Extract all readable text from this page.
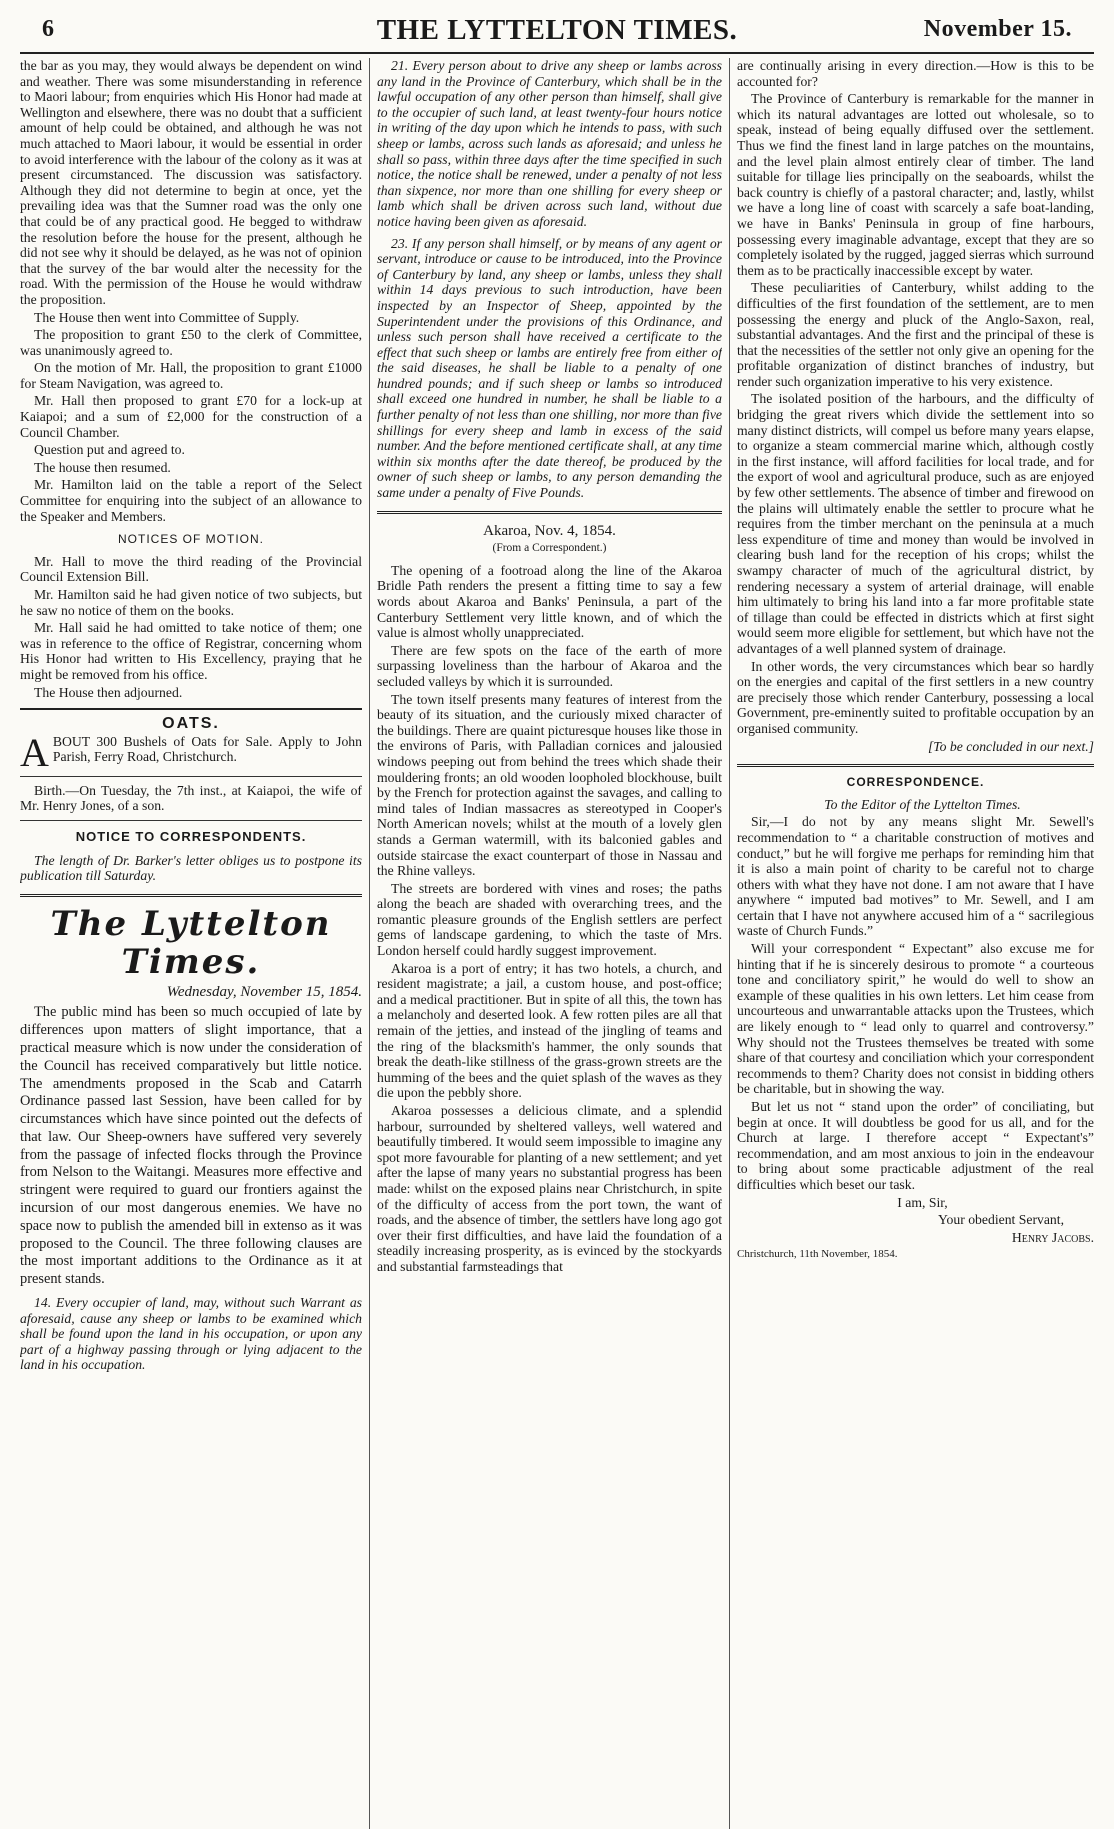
6	THE LYTTELTON TIMES.	November 15.

the bar as you may, they would always be dependent on wind and weather. There was some misunderstanding in reference to Maori labour; from enquiries which His Honor had made at Wellington and elsewhere, there was no doubt that a sufficient amount of help could be obtained, and although he was not much attached to Maori labour, it would be essential in order to avoid interference with the labour of the colony as it was at present circumstanced. The discussion was satisfactory. Although they did not determine to begin at once, yet the prevailing idea was that the Sumner road was the only one that could be of any practical good. He begged to withdraw the resolution before the house for the present, although he did not see why it should be delayed, as he was not of opinion that the survey of the bar would alter the necessity for the road. With the permission of the House he would withdraw the proposition.

The House then went into Committee of Supply.

The proposition to grant £50 to the clerk of Committee, was unanimously agreed to.

On the motion of Mr. Hall, the proposition to grant £1000 for Steam Navigation, was agreed to.

Mr. Hall then proposed to grant £70 for a lock-up at Kaiapoi; and a sum of £2,000 for the construction of a Council Chamber.

Question put and agreed to.

The house then resumed.

Mr. Hamilton laid on the table a report of the Select Committee for enquiring into the subject of an allowance to the Speaker and Members.

NOTICES OF MOTION.

Mr. Hall to move the third reading of the Provincial Council Extension Bill.

Mr. Hamilton said he had given notice of two subjects, but he saw no notice of them on the books.

Mr. Hall said he had omitted to take notice of them; one was in reference to the office of Registrar, concerning whom His Honor had written to His Excellency, praying that he might be removed from his office.

The House then adjourned.

OATS.
A BOUT 300 Bushels of Oats for Sale. Apply to John Parish, Ferry Road, Christchurch.

Birth.—On Tuesday, the 7th inst., at Kaiapoi, the wife of Mr. Henry Jones, of a son.

NOTICE TO CORRESPONDENTS.

The length of Dr. Barker's letter obliges us to postpone its publication till Saturday.

The Lyttelton Times.
Wednesday, November 15, 1854.

The public mind has been so much occupied of late by differences upon matters of slight importance, that a practical measure which is now under the consideration of the Council has received comparatively but little notice. The amendments proposed in the Scab and Catarrh Ordinance passed last Session, have been called for by circumstances which have since pointed out the defects of that law. Our Sheep-owners have suffered very severely from the passage of infected flocks through the Province from Nelson to the Waitangi. Measures more effective and stringent were required to guard our frontiers against the incursion of our most dangerous enemies. We have no space now to publish the amended bill in extenso as it was proposed to the Council. The three following clauses are the most important additions to the Ordinance as it at present stands.

14. Every occupier of land, may, without such Warrant as aforesaid, cause any sheep or lambs to be examined which shall be found upon the land in his occupation, or upon any part of a highway passing through or lying adjacent to the land in his occupation.

21. Every person about to drive any sheep or lambs across any land in the Province of Canterbury, which shall be in the lawful occupation of any other person than himself, shall give to the occupier of such land, at least twenty-four hours notice in writing of the day upon which he intends to pass, with such sheep or lambs, across such lands as aforesaid; and unless he shall so pass, within three days after the time specified in such notice, the notice shall be renewed, under a penalty of not less than sixpence, nor more than one shilling for every sheep or lamb which shall be driven across such land, without due notice having been given as aforesaid.

23. If any person shall himself, or by means of any agent or servant, introduce or cause to be introduced, into the Province of Canterbury by land, any sheep or lambs, unless they shall within 14 days previous to such introduction, have been inspected by an Inspector of Sheep, appointed by the Superintendent under the provisions of this Ordinance, and unless such person shall have received a certificate to the effect that such sheep or lambs are entirely free from either of the said diseases, he shall be liable to a penalty of one hundred pounds; and if such sheep or lambs so introduced shall exceed one hundred in number, he shall be liable to a further penalty of not less than one shilling, nor more than five shillings for every sheep and lamb in excess of the said number. And the before mentioned certificate shall, at any time within six months after the date thereof, be produced by the owner of such sheep or lambs, to any person demanding the same under a penalty of Five Pounds.

Akaroa, Nov. 4, 1854.
(From a Correspondent.)

The opening of a footroad along the line of the Akaroa Bridle Path renders the present a fitting time to say a few words about Akaroa and Banks' Peninsula, a part of the Canterbury Settlement very little known, and of which the value is almost wholly unappreciated.

There are few spots on the face of the earth of more surpassing loveliness than the harbour of Akaroa and the secluded valleys by which it is surrounded.

The town itself presents many features of interest from the beauty of its situation, and the curiously mixed character of the buildings. There are quaint picturesque houses like those in the environs of Paris, with Palladian cornices and jalousied windows peeping out from behind the trees which shade their mouldering fronts; an old wooden loopholed blockhouse, built by the French for protection against the savages, and calling to mind tales of Indian massacres as stereotyped in Cooper's North American novels; whilst at the mouth of a lovely glen stands a German watermill, with its balconied gables and outside staircase the exact counterpart of those in Nassau and the Rhine valleys.

The streets are bordered with vines and roses; the paths along the beach are shaded with overarching trees, and the romantic pleasure grounds of the English settlers are perfect gems of landscape gardening, to which the taste of Mrs. London herself could hardly suggest improvement.

Akaroa is a port of entry; it has two hotels, a church, and resident magistrate; a jail, a custom house, and post-office; and a medical practitioner. But in spite of all this, the town has a melancholy and deserted look. A few rotten piles are all that remain of the jetties, and instead of the jingling of teams and the ring of the blacksmith's hammer, the only sounds that break the death-like stillness of the grass-grown streets are the humming of the bees and the quiet splash of the waves as they die upon the pebbly shore.

Akaroa possesses a delicious climate, and a splendid harbour, surrounded by sheltered valleys, well watered and beautifully timbered. It would seem impossible to imagine any spot more favourable for planting of a new settlement; and yet after the lapse of many years no substantial progress has been made: whilst on the exposed plains near Christchurch, in spite of the difficulty of access from the port town, the want of roads, and the absence of timber, the settlers have long ago got over their first difficulties, and have laid the foundation of a steadily increasing prosperity, as is evinced by the stockyards and substantial farmsteadings that

are continually arising in every direction.—How is this to be accounted for?

The Province of Canterbury is remarkable for the manner in which its natural advantages are lotted out wholesale, so to speak, instead of being equally diffused over the settlement. Thus we find the finest land in large patches on the mountains, and the level plain almost entirely clear of timber. The land suitable for tillage lies principally on the seaboards, whilst the back country is chiefly of a pastoral character; and, lastly, whilst we have a long line of coast with scarcely a safe boat-landing, we have in Banks' Peninsula in group of fine harbours, possessing every imaginable advantage, except that they are so completely isolated by the rugged, jagged sierras which surround them as to be practically inaccessible except by water.

These peculiarities of Canterbury, whilst adding to the difficulties of the first foundation of the settlement, are to men possessing the energy and pluck of the Anglo-Saxon, real, substantial advantages. And the first and the principal of these is that the necessities of the settler not only give an opening for the profitable organization of distinct branches of industry, but render such organization imperative to his very existence.

The isolated position of the harbours, and the difficulty of bridging the great rivers which divide the settlement into so many distinct districts, will compel us before many years elapse, to organize a steam commercial marine which, although costly in the first instance, will afford facilities for local trade, and for the export of wool and agricultural produce, such as are enjoyed by few other settlements. The absence of timber and firewood on the plains will ultimately enable the settler to procure what he requires from the timber merchant on the peninsula at a much less expenditure of time and money than would be involved in clearing bush land for the reception of his crops; whilst the swampy character of much of the agricultural district, by rendering necessary a system of arterial drainage, will enable him ultimately to bring his land into a far more profitable state of tillage than could be effected in districts which at first sight would seem more eligible for settlement, but which have not the advantages of a well planned system of drainage.

In other words, the very circumstances which bear so hardly on the energies and capital of the first settlers in a new country are precisely those which render Canterbury, possessing a local Government, pre-eminently suited to profitable occupation by an organised community.

[To be concluded in our next.]

CORRESPONDENCE.

To the Editor of the Lyttelton Times.

Sir,—I do not by any means slight Mr. Sewell's recommendation to “ a charitable construction of motives and conduct,” but he will forgive me perhaps for reminding him that it is also a main point of charity to be careful not to charge others with what they have not done. I am not aware that I have anywhere “ imputed bad motives” to Mr. Sewell, and I am certain that I have not anywhere accused him of a “ sacrilegious waste of Church Funds.”

Will your correspondent “ Expectant” also excuse me for hinting that if he is sincerely desirous to promote “ a courteous tone and conciliatory spirit,” he would do well to show an example of these qualities in his own letters. Let him cease from uncourteous and unwarrantable attacks upon the Trustees, which are likely enough to “ lead only to quarrel and controversy.” Why should not the Trustees themselves be treated with some share of that courtesy and conciliation which your correspondent recommends to them? Charity does not consist in bidding others be charitable, but in showing the way.

But let us not “ stand upon the order” of conciliating, but begin at once. It will doubtless be good for us all, and for the Church at large. I therefore accept “ Expectant's” recommendation, and am most anxious to join in the endeavour to bring about some practicable adjustment of the real difficulties which beset our task.

I am, Sir,

Your obedient Servant,

Henry Jacobs.

Christchurch, 11th November, 1854.
